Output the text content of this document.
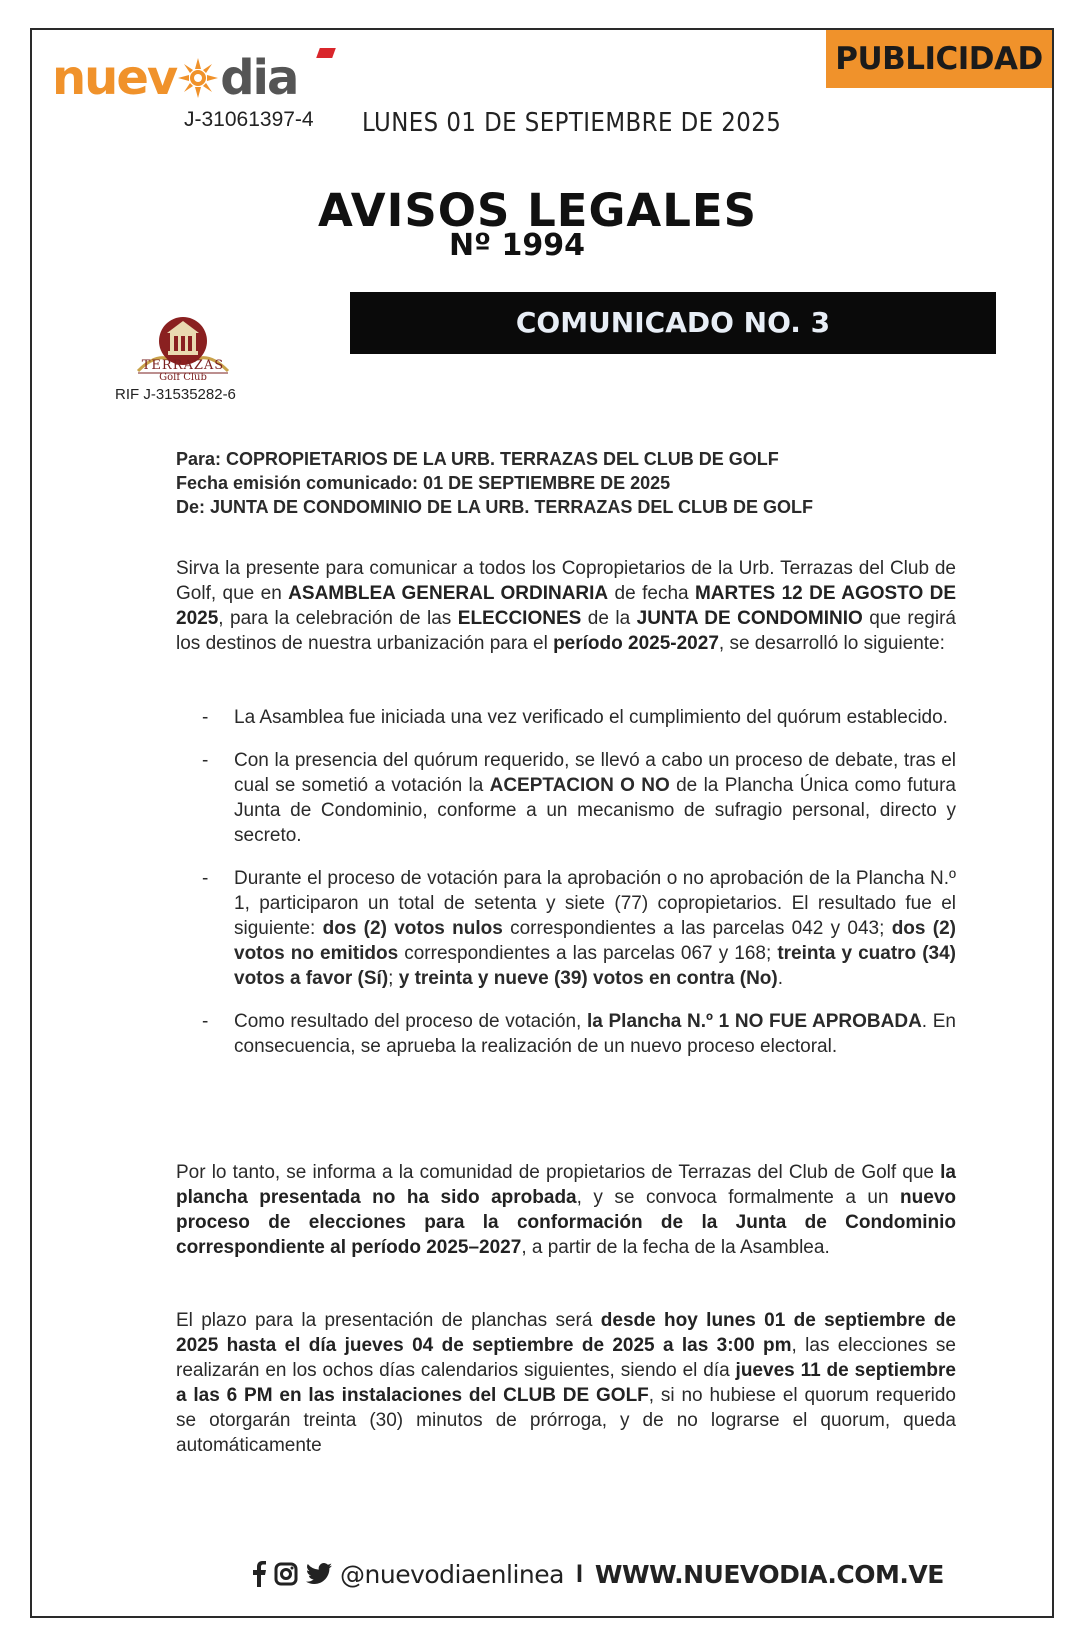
PUBLICIDAD
nuev dia
J-31061397-4 LUNES 01 DE SEPTIEMBRE DE 2025
AVISOS LEGALES
Nº 1994
COMUNICADO NO. 3
TERRAZAS
Golf Club
RIF J-31535282-6
Para: COPROPIETARIOS DE LA URB. TERRAZAS DEL CLUB DE GOLF
Fecha emisión comunicado: 01 DE SEPTIEMBRE DE 2025
De: JUNTA DE CONDOMINIO DE LA URB. TERRAZAS DEL CLUB DE GOLF
Sirva la presente para comunicar a todos los Copropietarios de la Urb. Terrazas del Club de Golf, que en ASAMBLEA GENERAL ORDINARIA de fecha MARTES 12 DE AGOSTO DE 2025, para la celebración de las ELECCIONES de la JUNTA DE CONDOMINIO que regirá los destinos de nuestra urbanización para el período 2025-2027, se desarrolló lo siguiente:
- La Asamblea fue iniciada una vez verificado el cumplimiento del quórum establecido.
- Con la presencia del quórum requerido, se llevó a cabo un proceso de debate, tras el cual se sometió a votación la ACEPTACION O NO de la Plancha Única como futura Junta de Condominio, conforme a un mecanismo de sufragio personal, directo y secreto.
- Durante el proceso de votación para la aprobación o no aprobación de la Plancha N.º 1, participaron un total de setenta y siete (77) copropietarios. El resultado fue el siguiente: dos (2) votos nulos correspondientes a las parcelas 042 y 043; dos (2) votos no emitidos correspondientes a las parcelas 067 y 168; treinta y cuatro (34) votos a favor (Sí); y treinta y nueve (39) votos en contra (No).
- Como resultado del proceso de votación, la Plancha N.º 1 NO FUE APROBADA. En consecuencia, se aprueba la realización de un nuevo proceso electoral.
Por lo tanto, se informa a la comunidad de propietarios de Terrazas del Club de Golf que la plancha presentada no ha sido aprobada, y se convoca formalmente a un nuevo proceso de elecciones para la conformación de la Junta de Condominio correspondiente al período 2025–2027, a partir de la fecha de la Asamblea.
El plazo para la presentación de planchas será desde hoy lunes 01 de septiembre de 2025 hasta el día jueves 04 de septiembre de 2025 a las 3:00 pm, las elecciones se realizarán en los ochos días calendarios siguientes, siendo el día jueves 11 de septiembre a las 6 PM en las instalaciones del CLUB DE GOLF, si no hubiese el quorum requerido se otorgarán treinta (30) minutos de prórroga, y de no lograrse el quorum, queda automáticamente
@nuevodiaenlinea I WWW.NUEVODIA.COM.VE
